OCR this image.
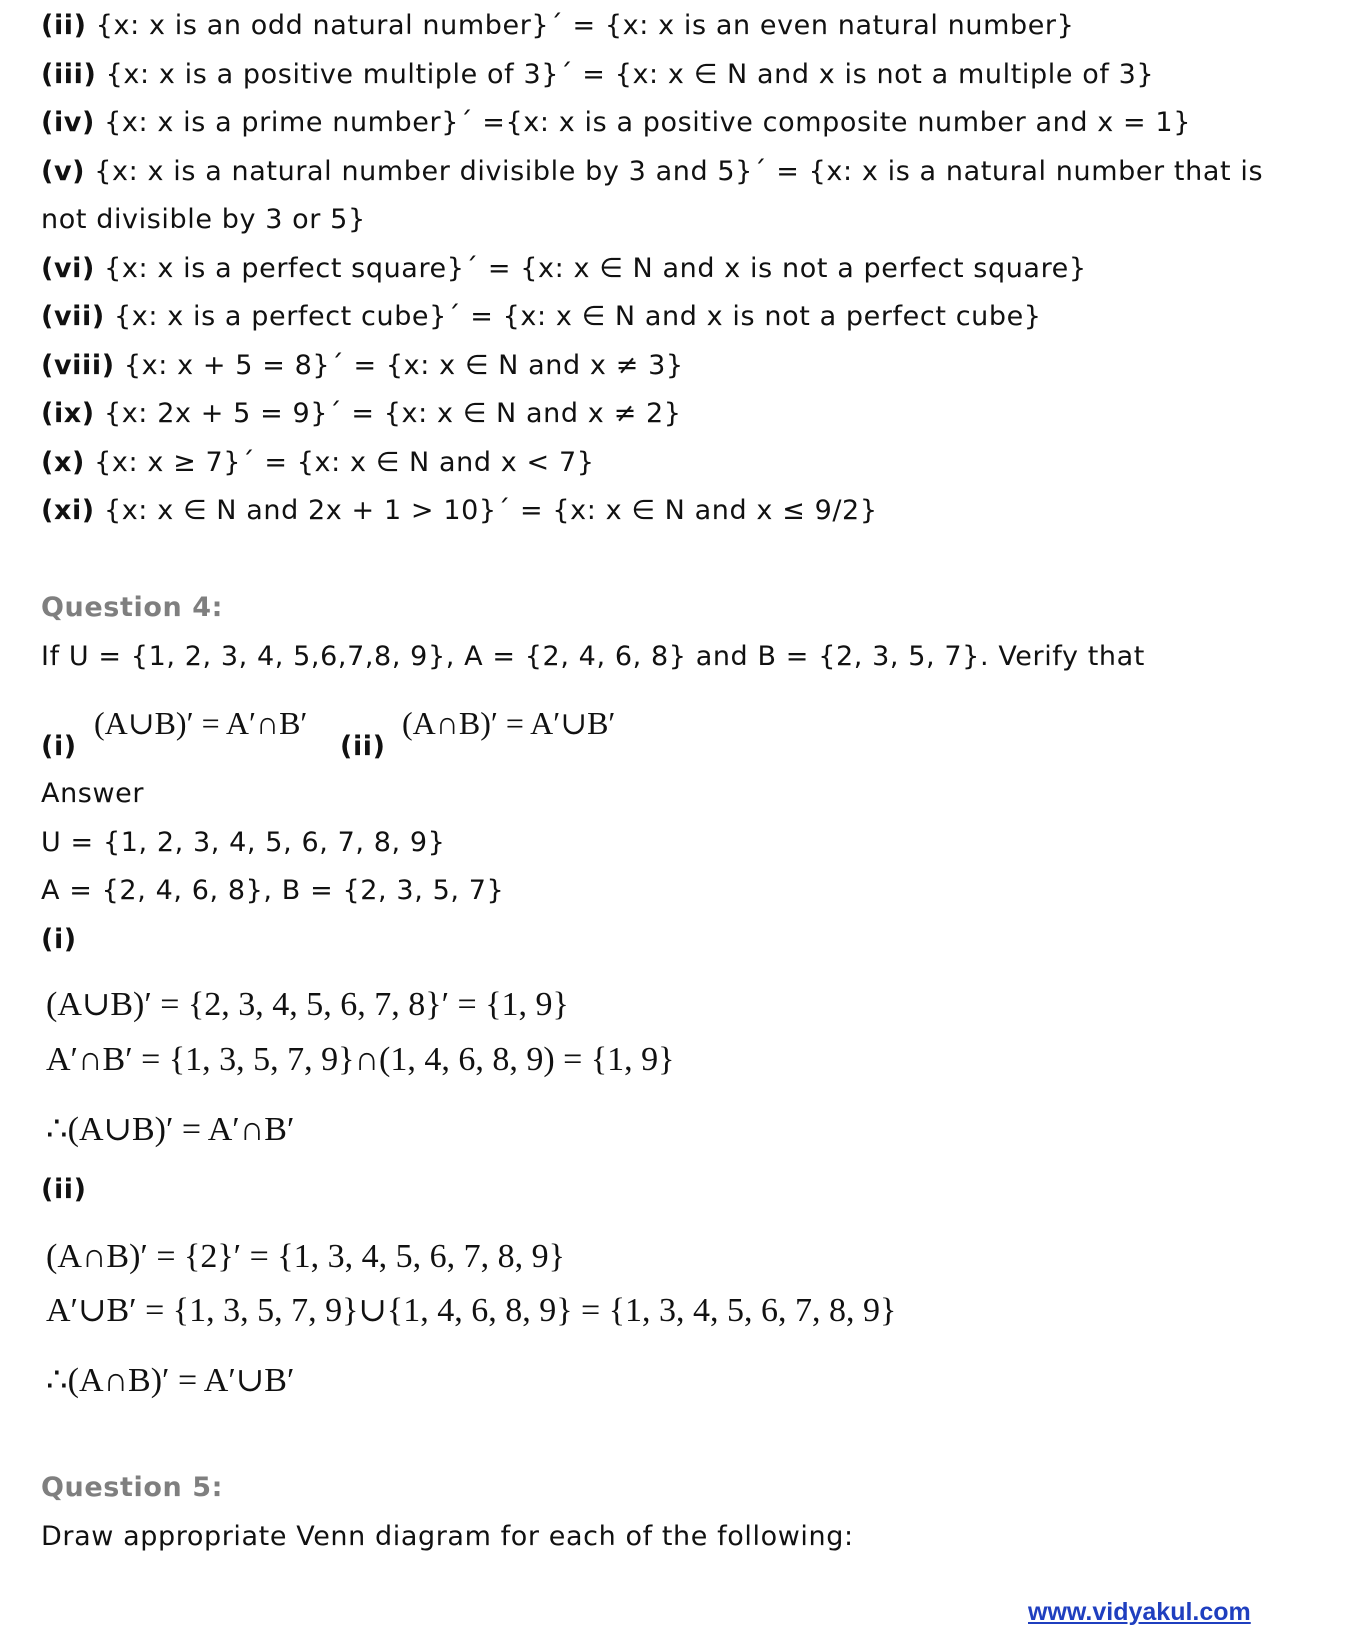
(ii) {x: x is an odd natural number}´ = {x: x is an even natural number}
(iii) {x: x is a positive multiple of 3}´ = {x: x ∈ N and x is not a multiple of 3}
(iv) {x: x is a prime number}´ ={x: x is a positive composite number and x = 1}
(v) {x: x is a natural number divisible by 3 and 5}´ = {x: x is a natural number that is
not divisible by 3 or 5}
(vi) {x: x is a perfect square}´ = {x: x ∈ N and x is not a perfect square}
(vii) {x: x is a perfect cube}´ = {x: x ∈ N and x is not a perfect cube}
(viii) {x: x + 5 = 8}´ = {x: x ∈ N and x ≠ 3}
(ix) {x: 2x + 5 = 9}´ = {x: x ∈ N and x ≠ 2}
(x) {x: x ≥ 7}´ = {x: x ∈ N and x < 7}
(xi) {x: x ∈ N and 2x + 1 > 10}´ = {x: x ∈ N and x ≤ 9/2}
Question 4:
If U = {1, 2, 3, 4, 5,6,7,8, 9}, A = {2, 4, 6, 8} and B = {2, 3, 5, 7}. Verify that
(i)
(A∪B)′ = A′∩B′
(ii)
(A∩B)′ = A′∪B′
Answer
U = {1, 2, 3, 4, 5, 6, 7, 8, 9}
A = {2, 4, 6, 8}, B = {2, 3, 5, 7}
(i)
(A∪B)′ = {2, 3, 4, 5, 6, 7, 8}′ = {1, 9}
A′∩B′ = {1, 3, 5, 7, 9}∩(1, 4, 6, 8, 9) = {1, 9}
∴(A∪B)′ = A′∩B′
(ii)
(A∩B)′ = {2}′ = {1, 3, 4, 5, 6, 7, 8, 9}
A′∪B′ = {1, 3, 5, 7, 9}∪{1, 4, 6, 8, 9} = {1, 3, 4, 5, 6, 7, 8, 9}
∴(A∩B)′ = A′∪B′
Question 5:
Draw appropriate Venn diagram for each of the following:
www.vidyakul.com
